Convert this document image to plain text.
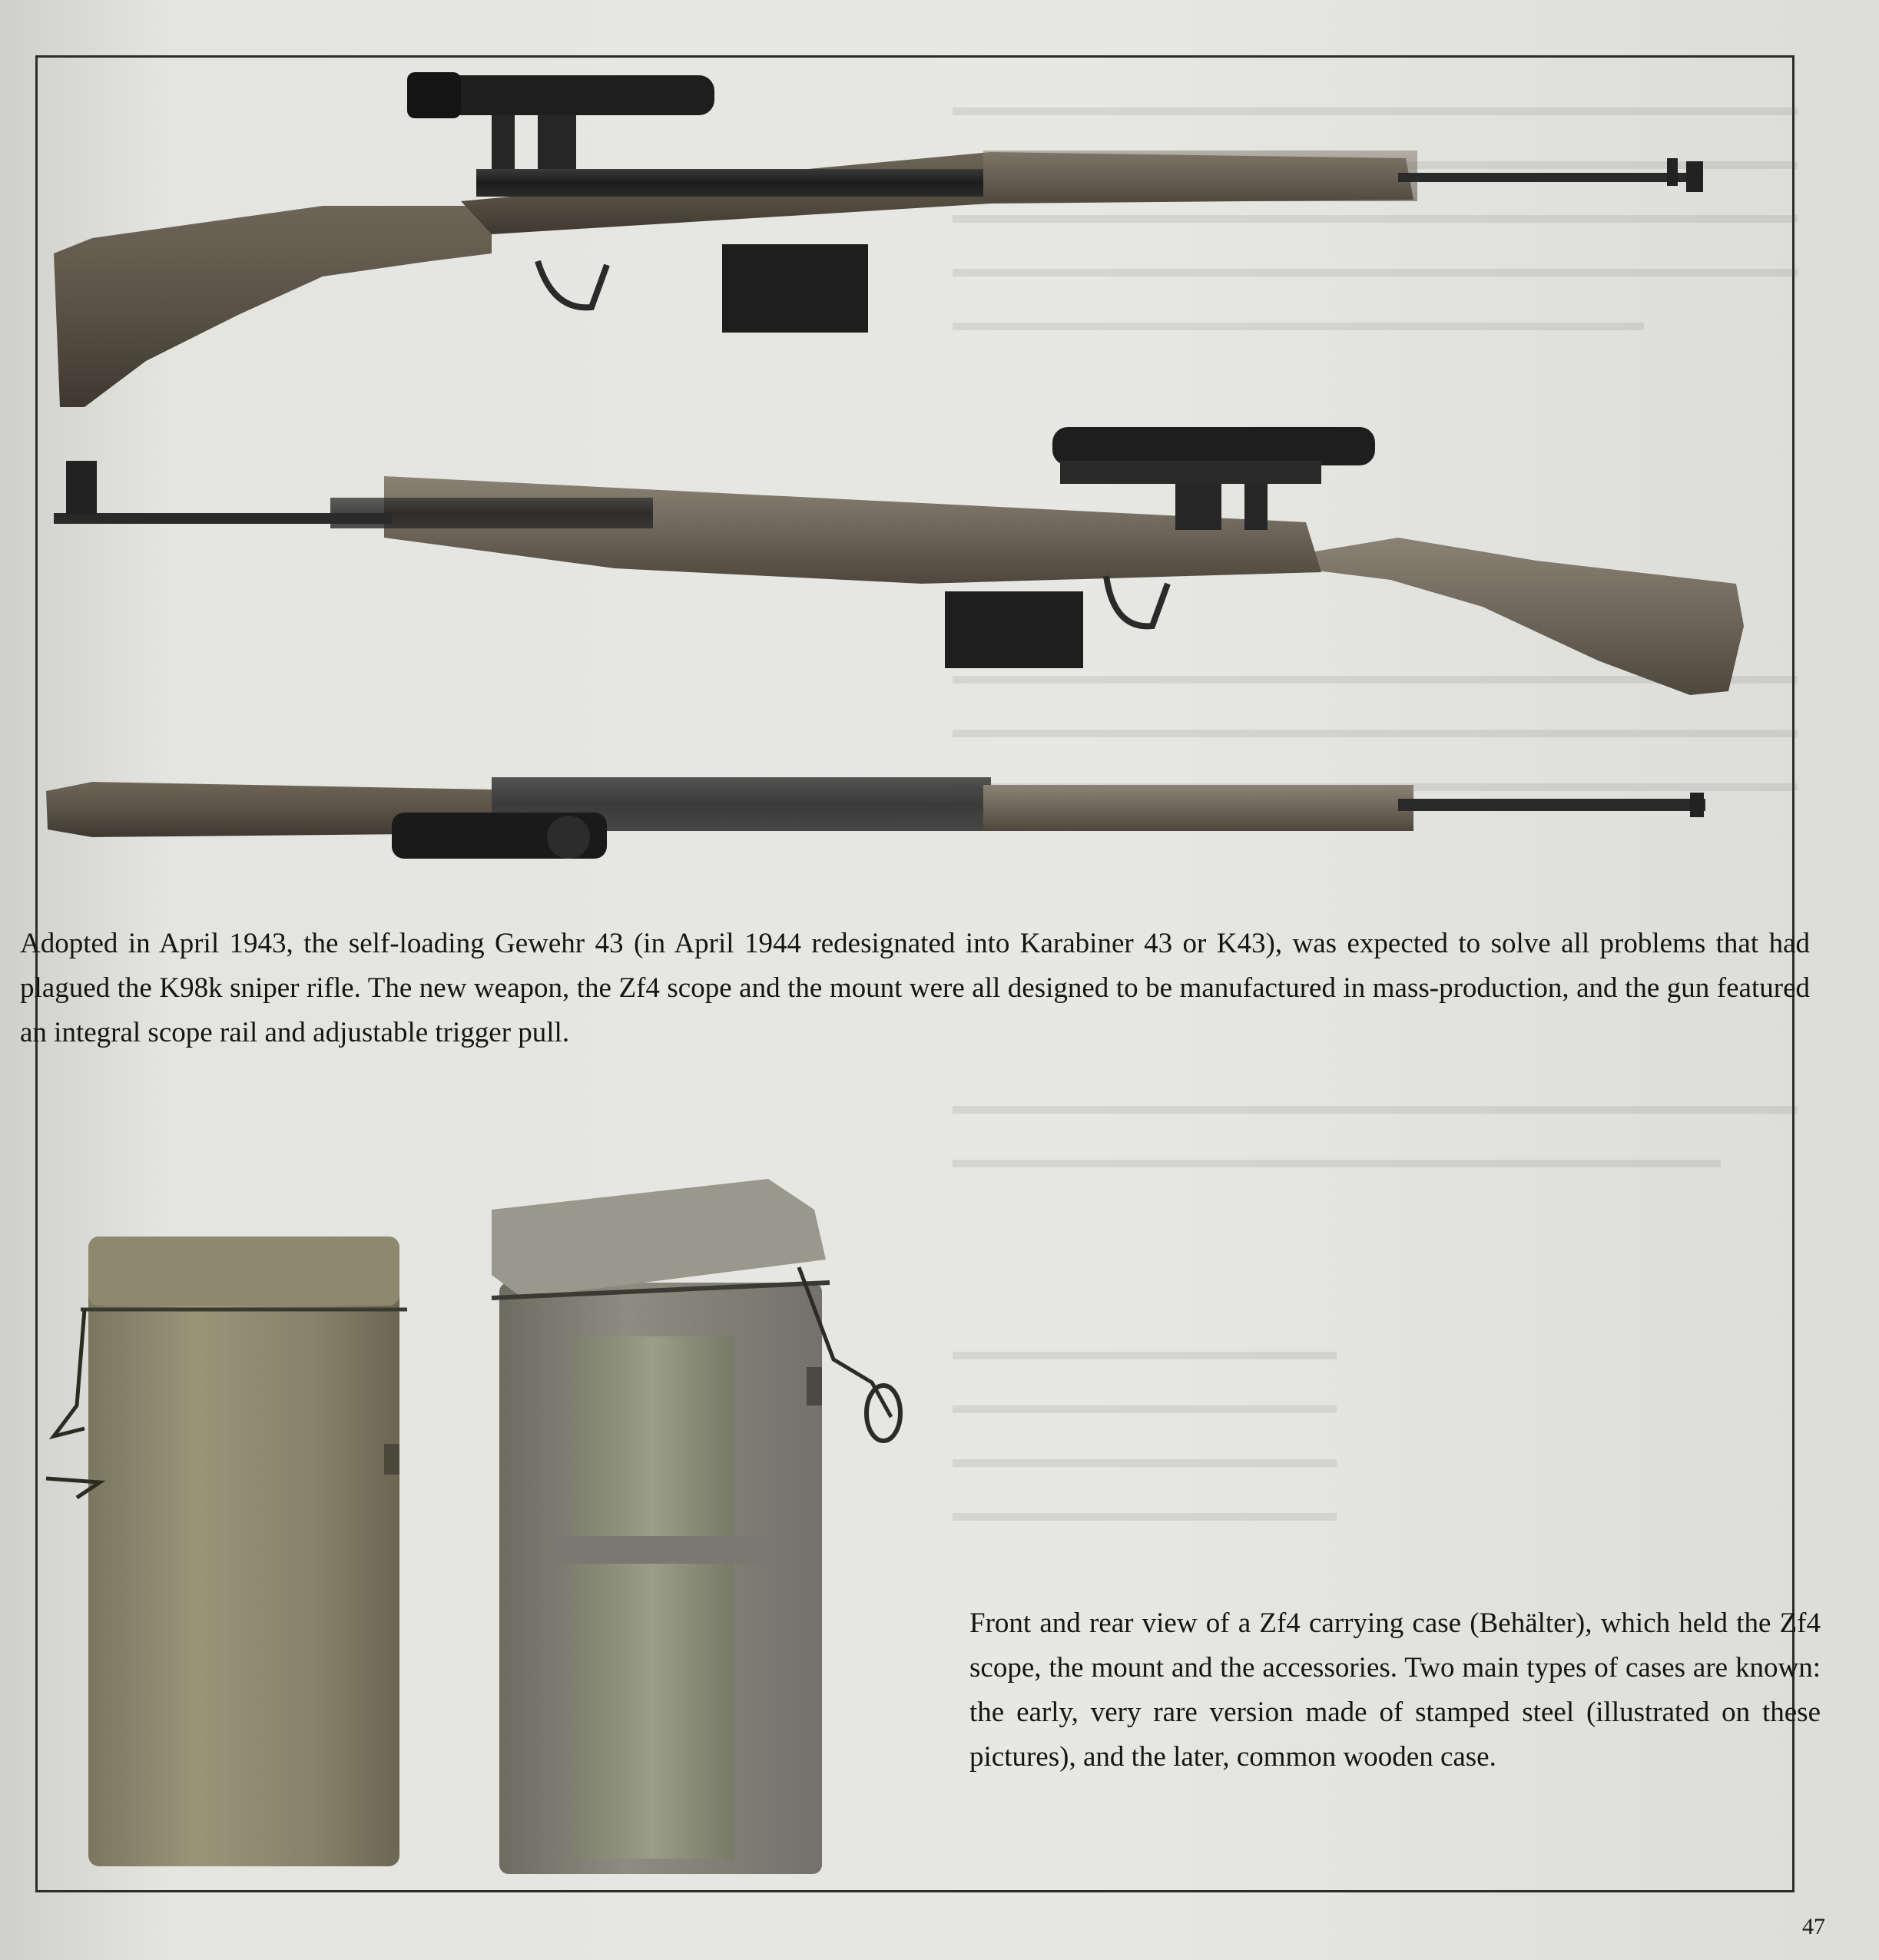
Adopted in April 1943, the self-loading Gewehr 43 (in April 1944 redesignated into Karabiner 43 or K43), was expected to solve all problems that had plagued the K98k sniper rifle. The new weapon, the Zf4 scope and the mount were all designed to be manufactured in mass-production, and the gun featured an integral scope rail and adjustable trigger pull.
Front and rear view of a Zf4 carrying case (Behälter), which held the Zf4 scope, the mount and the accessories. Two main types of cases are known: the early, very rare version made of stamped steel (illustrated on these pictures), and the later, common wooden case.
47
